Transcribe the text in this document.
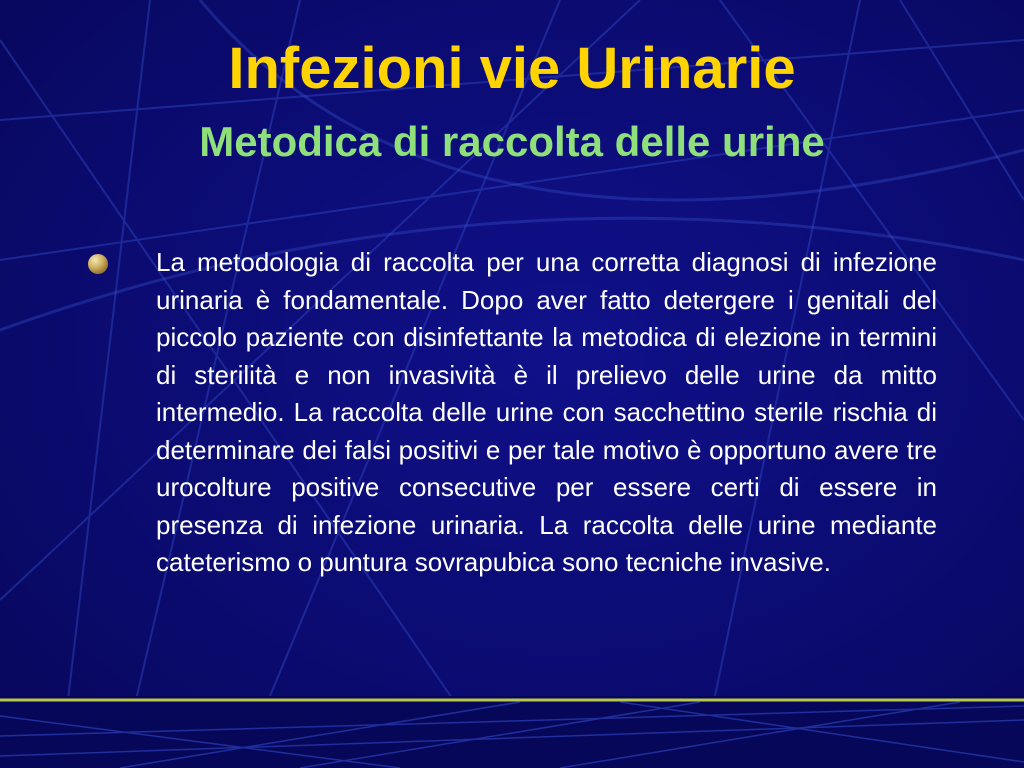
Infezioni vie Urinarie
Metodica di raccolta delle urine

La metodologia di raccolta per una corretta diagnosi di infezione urinaria è fondamentale. Dopo aver fatto detergere i genitali del piccolo paziente con disinfettante la metodica di elezione in termini di sterilità e non invasività è il prelievo delle urine da mitto intermedio. La raccolta delle urine con sacchettino sterile rischia di determinare dei falsi positivi e per tale motivo è opportuno avere tre urocolture positive consecutive per essere certi di essere in presenza di infezione urinaria. La raccolta delle urine mediante cateterismo o puntura sovrapubica sono tecniche invasive.
